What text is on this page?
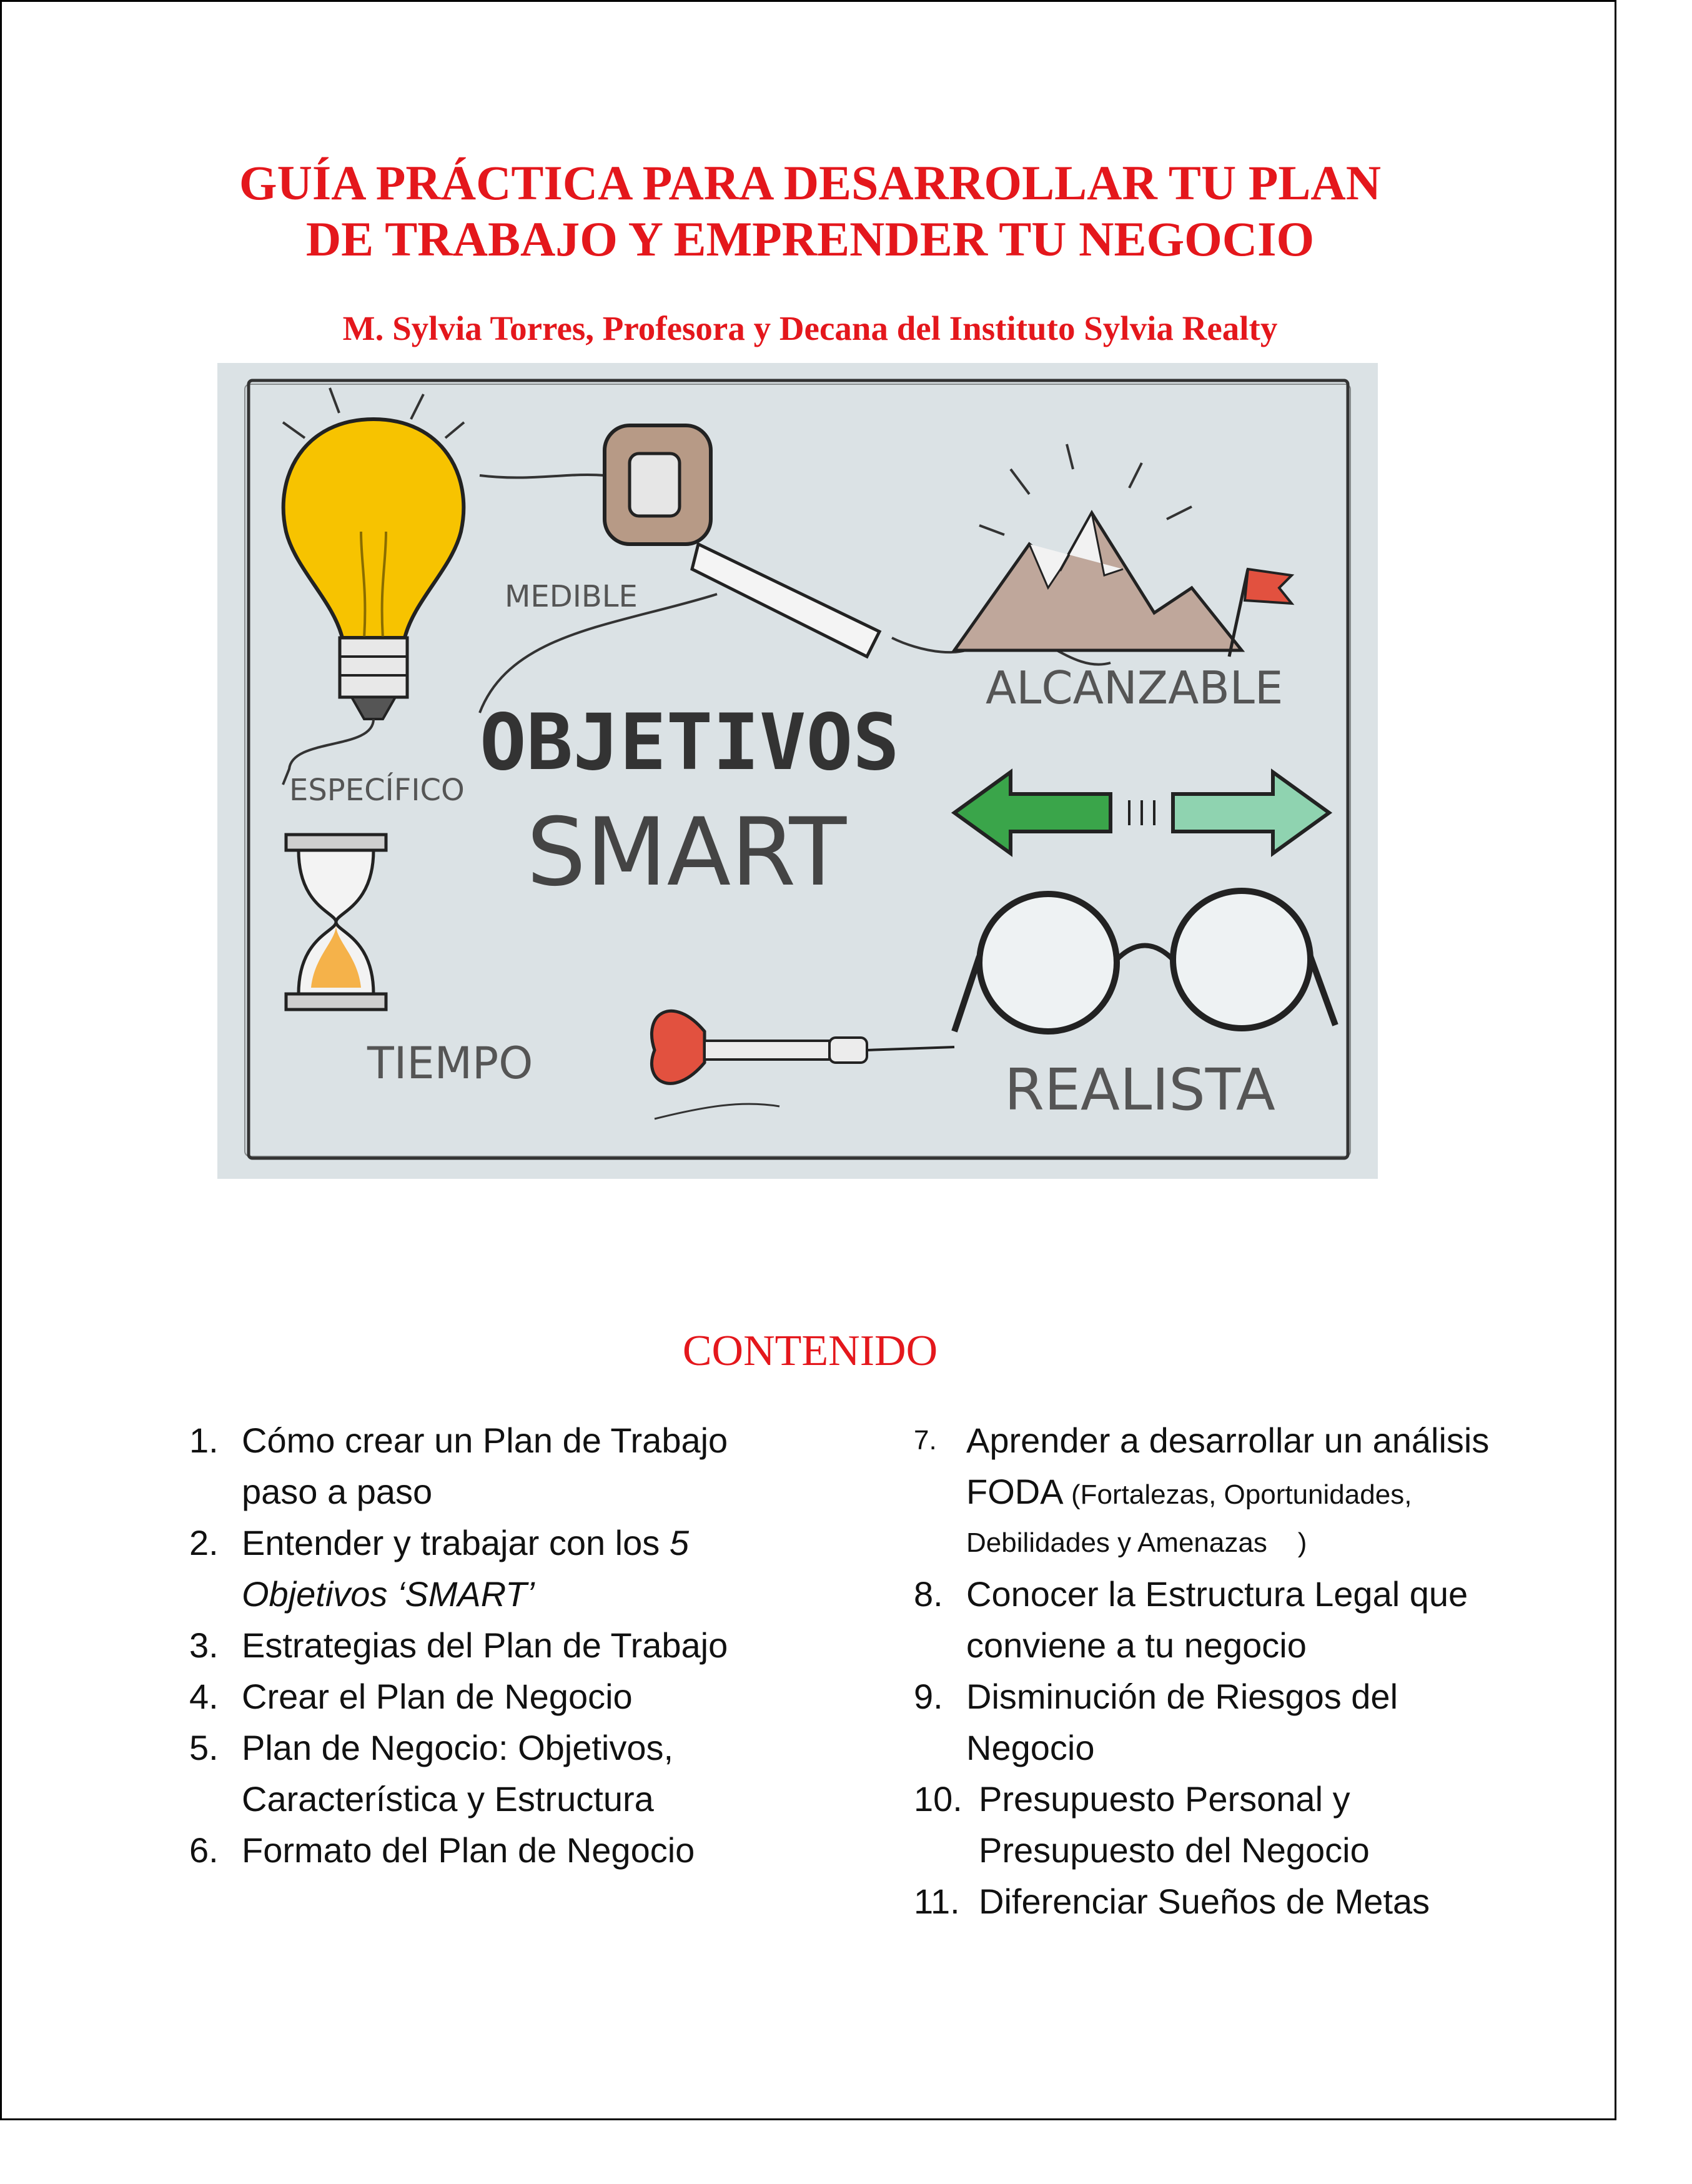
GUÍA PRÁCTICA PARA DESARROLLAR TU PLAN
DE TRABAJO Y EMPRENDER TU NEGOCIO
M. Sylvia Torres, Profesora y Decana del Instituto Sylvia Realty
MEDIBLE
ALCANZABLE
ESPECÍFICO
TIEMPO	REALISTA
OBJETIVOS
SMART
CONTENIDO
1. Cómo crear un Plan de Trabajo
paso a paso
2. Entender y trabajar con los 5
Objetivos ‘SMART’
3. Estrategias del Plan de Trabajo
4. Crear el Plan de Negocio
5. Plan de Negocio: Objetivos,
Característica y Estructura
6. Formato del Plan de Negocio
7. Aprender a desarrollar un análisis
FODA (Fortalezas, Oportunidades,
Debilidades y Amenazas )
8. Conocer la Estructura Legal que
conviene a tu negocio
9. Disminución de Riesgos del
Negocio
10. Presupuesto Personal y
Presupuesto del Negocio
11. Diferenciar Sueños de Metas
